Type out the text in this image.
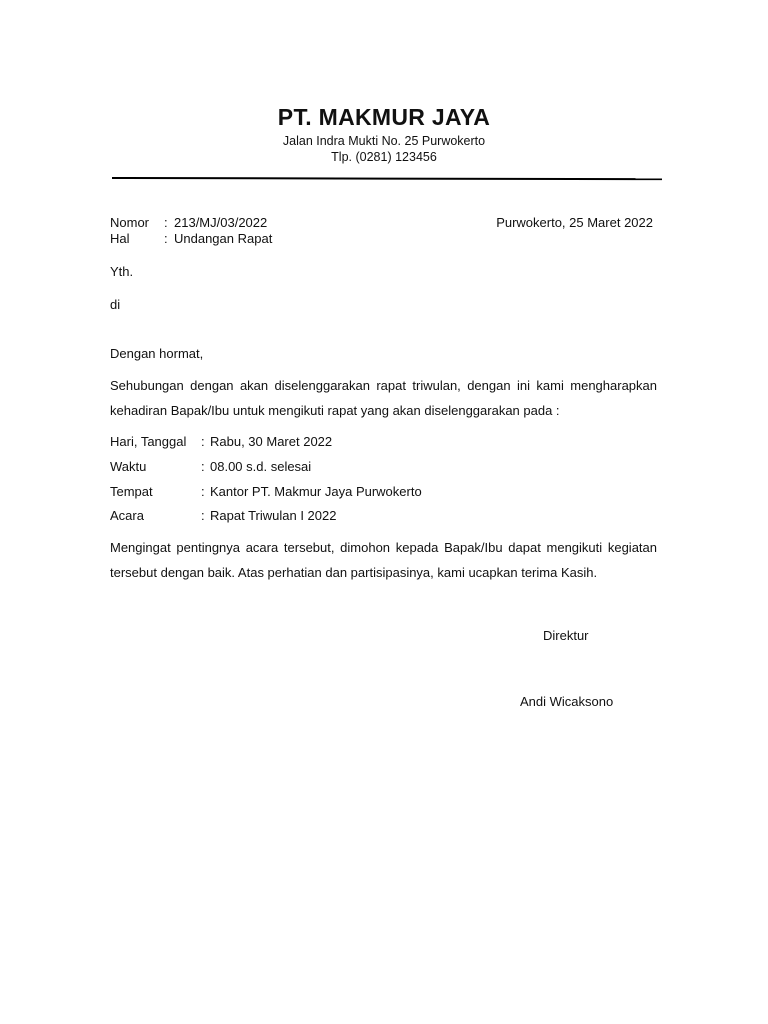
PT. MAKMUR JAYA
Jalan Indra Mukti No. 25 Purwokerto
Tlp. (0281) 123456
Nomor : 213/MJ/03/2022
Hal	: Undangan Rapat
Purwokerto, 25 Maret 2022
Yth.
di
Dengan hormat,
Sehubungan dengan akan diselenggarakan rapat triwulan, dengan ini kami mengharapkan kehadiran Bapak/Ibu untuk mengikuti rapat yang akan diselenggarakan pada :
Hari, Tanggal : Rabu, 30 Maret 2022
Waktu	: 08.00 s.d. selesai
Tempat	: Kantor PT. Makmur Jaya Purwokerto
Acara	: Rapat Triwulan I 2022
Mengingat pentingnya acara tersebut, dimohon kepada Bapak/Ibu dapat mengikuti kegiatan tersebut dengan baik. Atas perhatian dan partisipasinya, kami ucapkan terima Kasih.
Direktur
Andi Wicaksono
